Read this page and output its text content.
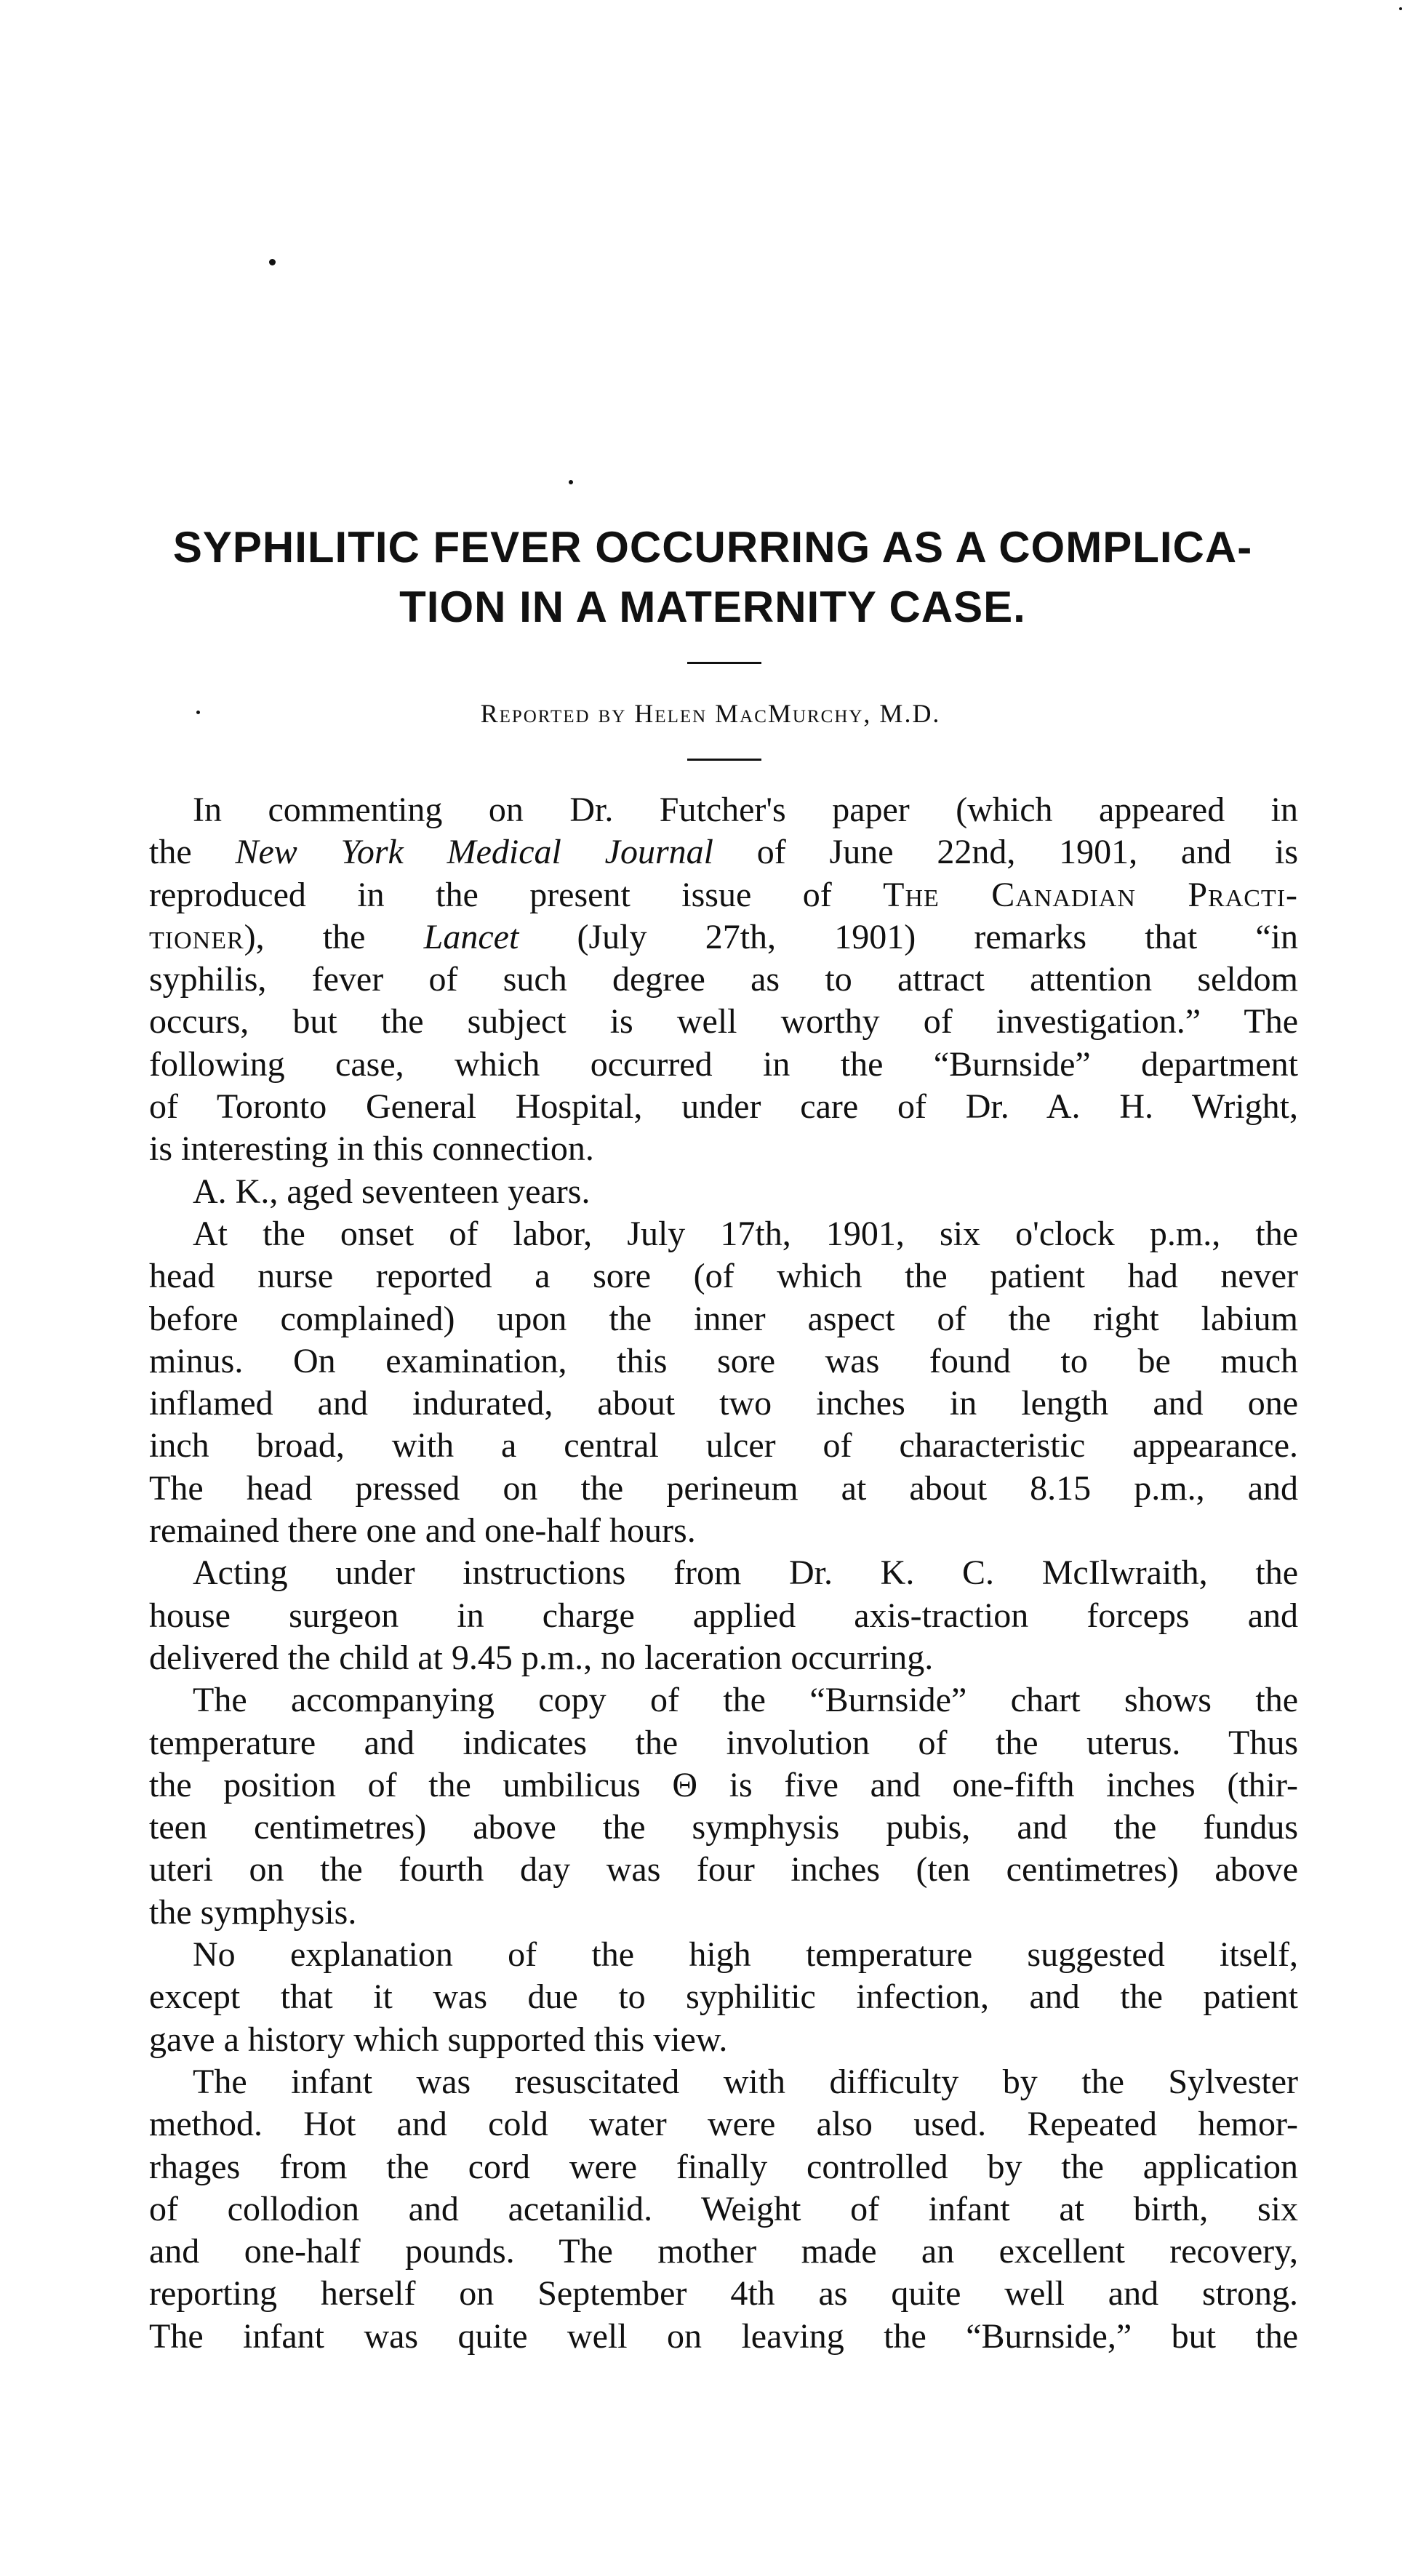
SYPHILITIC FEVER OCCURRING AS A COMPLICA-
TION IN A MATERNITY CASE.
Reported by Helen MacMurchy, M.D.
In commenting on Dr. Futcher's paper (which appeared in
the New York Medical Journal of June 22nd, 1901, and is
reproduced in the present issue of The Canadian Practi-
tioner), the Lancet (July 27th, 1901) remarks that “in
syphilis, fever of such degree as to attract attention seldom
occurs, but the subject is well worthy of investigation.” The
following case, which occurred in the “Burnside” department
of Toronto General Hospital, under care of Dr. A. H. Wright,
is interesting in this connection.
A. K., aged seventeen years.
At the onset of labor, July 17th, 1901, six o'clock p.m., the
head nurse reported a sore (of which the patient had never
before complained) upon the inner aspect of the right labium
minus. On examination, this sore was found to be much
inflamed and indurated, about two inches in length and one
inch broad, with a central ulcer of characteristic appearance.
The head pressed on the perineum at about 8.15 p.m., and
remained there one and one-half hours.
Acting under instructions from Dr. K. C. McIlwraith, the
house surgeon in charge applied axis-traction forceps and
delivered the child at 9.45 p.m., no laceration occurring.
The accompanying copy of the “Burnside” chart shows the
temperature and indicates the involution of the uterus. Thus
the position of the umbilicus Θ is five and one-fifth inches (thir-
teen centimetres) above the symphysis pubis, and the fundus
uteri on the fourth day was four inches (ten centimetres) above
the symphysis.
No explanation of the high temperature suggested itself,
except that it was due to syphilitic infection, and the patient
gave a history which supported this view.
The infant was resuscitated with difficulty by the Sylvester
method. Hot and cold water were also used. Repeated hemor-
rhages from the cord were finally controlled by the application
of collodion and acetanilid. Weight of infant at birth, six
and one-half pounds. The mother made an excellent recovery,
reporting herself on September 4th as quite well and strong.
The infant was quite well on leaving the “Burnside,” but the
